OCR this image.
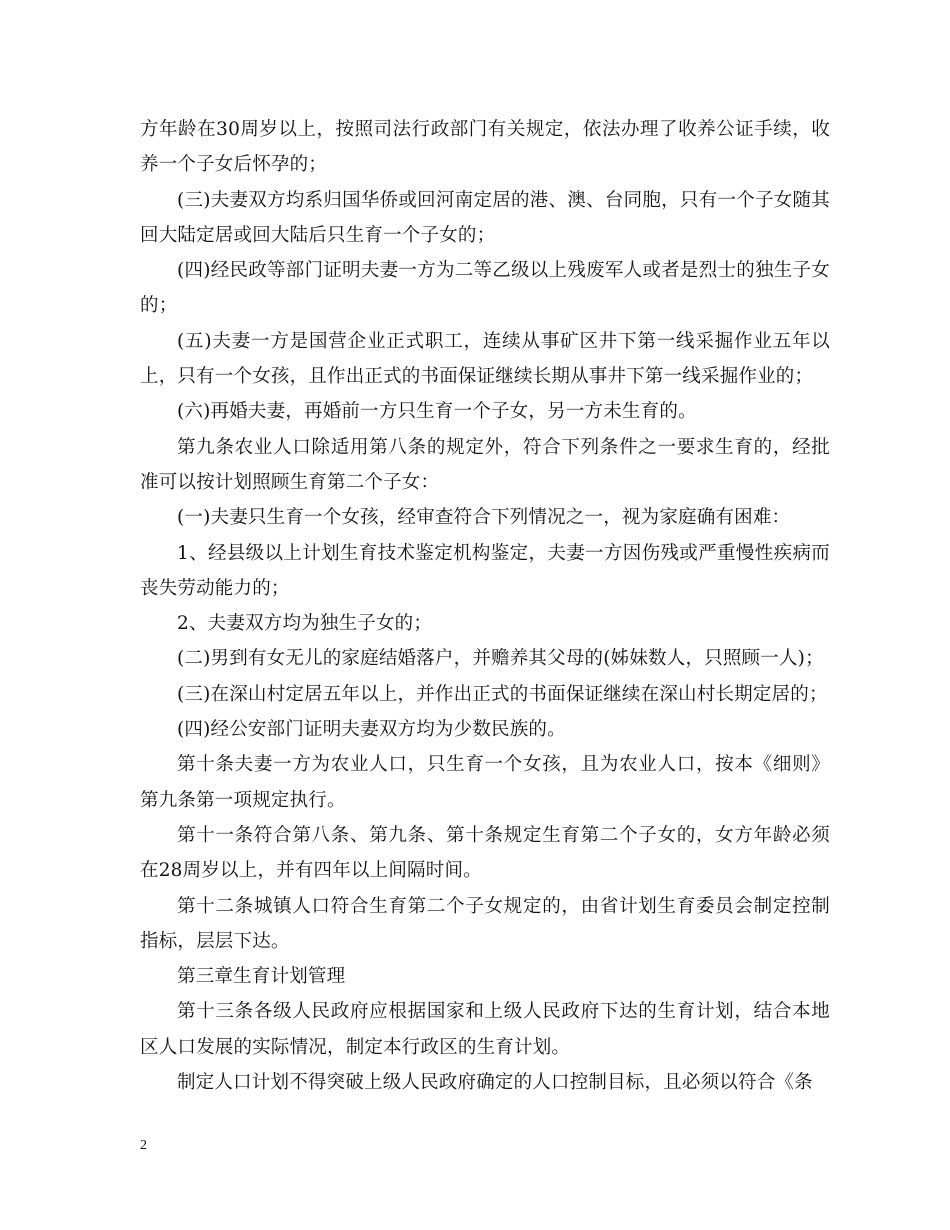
方年龄在30周岁以上，按照司法行政部门有关规定，依法办理了收养公证手续，收养一个子女后怀孕的；

(三)夫妻双方均系归国华侨或回河南定居的港、澳、台同胞，只有一个子女随其回大陆定居或回大陆后只生育一个子女的；

(四)经民政等部门证明夫妻一方为二等乙级以上残废军人或者是烈士的独生子女的；

(五)夫妻一方是国营企业正式职工，连续从事矿区井下第一线采掘作业五年以上，只有一个女孩，且作出正式的书面保证继续长期从事井下第一线采掘作业的；

(六)再婚夫妻，再婚前一方只生育一个子女，另一方未生育的。

第九条农业人口除适用第八条的规定外，符合下列条件之一要求生育的，经批准可以按计划照顾生育第二个子女：

(一)夫妻只生育一个女孩，经审查符合下列情况之一，视为家庭确有困难：

1、经县级以上计划生育技术鉴定机构鉴定，夫妻一方因伤残或严重慢性疾病而丧失劳动能力的；

2、夫妻双方均为独生子女的；

(二)男到有女无儿的家庭结婚落户，并赡养其父母的(姊妹数人，只照顾一人)；

(三)在深山村定居五年以上，并作出正式的书面保证继续在深山村长期定居的；

(四)经公安部门证明夫妻双方均为少数民族的。

第十条夫妻一方为农业人口，只生育一个女孩，且为农业人口，按本《细则》第九条第一项规定执行。

第十一条符合第八条、第九条、第十条规定生育第二个子女的，女方年龄必须在28周岁以上，并有四年以上间隔时间。

第十二条城镇人口符合生育第二个子女规定的，由省计划生育委员会制定控制指标，层层下达。

第三章生育计划管理

第十三条各级人民政府应根据国家和上级人民政府下达的生育计划，结合本地区人口发展的实际情况，制定本行政区的生育计划。

制定人口计划不得突破上级人民政府确定的人口控制目标，且必须以符合《条

2
